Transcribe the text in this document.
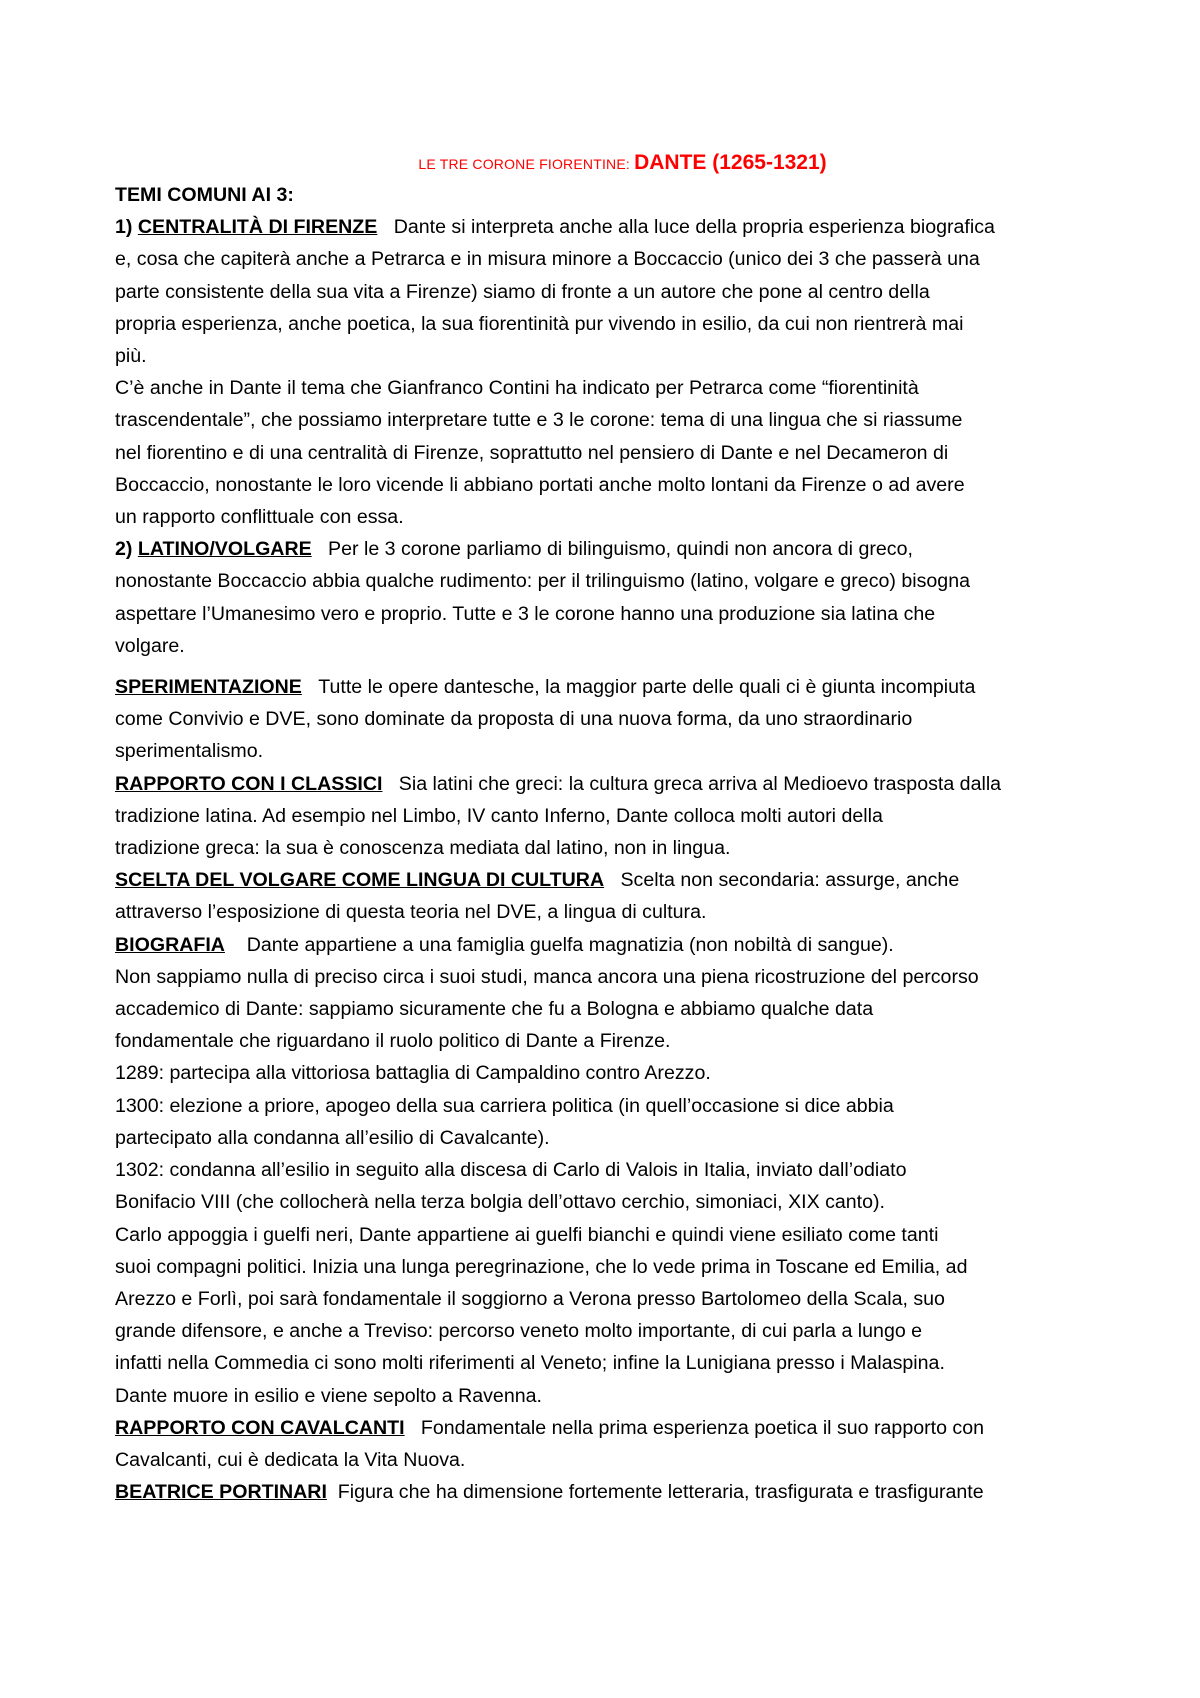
LE TRE CORONE FIORENTINE: DANTE (1265-1321)
TEMI COMUNI AI 3:
1) CENTRALITÀ DI FIRENZE Dante si interpreta anche alla luce della propria esperienza biografica
e, cosa che capiterà anche a Petrarca e in misura minore a Boccaccio (unico dei 3 che passerà una
parte consistente della sua vita a Firenze) siamo di fronte a un autore che pone al centro della
propria esperienza, anche poetica, la sua fiorentinità pur vivendo in esilio, da cui non rientrerà mai
più.
C’è anche in Dante il tema che Gianfranco Contini ha indicato per Petrarca come “fiorentinità
trascendentale”, che possiamo interpretare tutte e 3 le corone: tema di una lingua che si riassume
nel fiorentino e di una centralità di Firenze, soprattutto nel pensiero di Dante e nel Decameron di
Boccaccio, nonostante le loro vicende li abbiano portati anche molto lontani da Firenze o ad avere
un rapporto conflittuale con essa.
2) LATINO/VOLGARE Per le 3 corone parliamo di bilinguismo, quindi non ancora di greco,
nonostante Boccaccio abbia qualche rudimento: per il trilinguismo (latino, volgare e greco) bisogna
aspettare l’Umanesimo vero e proprio. Tutte e 3 le corone hanno una produzione sia latina che
volgare.
SPERIMENTAZIONE Tutte le opere dantesche, la maggior parte delle quali ci è giunta incompiuta
come Convivio e DVE, sono dominate da proposta di una nuova forma, da uno straordinario
sperimentalismo.
RAPPORTO CON I CLASSICI Sia latini che greci: la cultura greca arriva al Medioevo trasposta dalla
tradizione latina. Ad esempio nel Limbo, IV canto Inferno, Dante colloca molti autori della
tradizione greca: la sua è conoscenza mediata dal latino, non in lingua.
SCELTA DEL VOLGARE COME LINGUA DI CULTURA Scelta non secondaria: assurge, anche
attraverso l’esposizione di questa teoria nel DVE, a lingua di cultura.
BIOGRAFIA Dante appartiene a una famiglia guelfa magnatizia (non nobiltà di sangue).
Non sappiamo nulla di preciso circa i suoi studi, manca ancora una piena ricostruzione del percorso
accademico di Dante: sappiamo sicuramente che fu a Bologna e abbiamo qualche data
fondamentale che riguardano il ruolo politico di Dante a Firenze.
1289: partecipa alla vittoriosa battaglia di Campaldino contro Arezzo.
1300: elezione a priore, apogeo della sua carriera politica (in quell’occasione si dice abbia
partecipato alla condanna all’esilio di Cavalcante).
1302: condanna all’esilio in seguito alla discesa di Carlo di Valois in Italia, inviato dall’odiato
Bonifacio VIII (che collocherà nella terza bolgia dell’ottavo cerchio, simoniaci, XIX canto).
Carlo appoggia i guelfi neri, Dante appartiene ai guelfi bianchi e quindi viene esiliato come tanti
suoi compagni politici. Inizia una lunga peregrinazione, che lo vede prima in Toscane ed Emilia, ad
Arezzo e Forlì, poi sarà fondamentale il soggiorno a Verona presso Bartolomeo della Scala, suo
grande difensore, e anche a Treviso: percorso veneto molto importante, di cui parla a lungo e
infatti nella Commedia ci sono molti riferimenti al Veneto; infine la Lunigiana presso i Malaspina.
Dante muore in esilio e viene sepolto a Ravenna.
RAPPORTO CON CAVALCANTI Fondamentale nella prima esperienza poetica il suo rapporto con
Cavalcanti, cui è dedicata la Vita Nuova.
BEATRICE PORTINARI Figura che ha dimensione fortemente letteraria, trasfigurata e trasfigurante
